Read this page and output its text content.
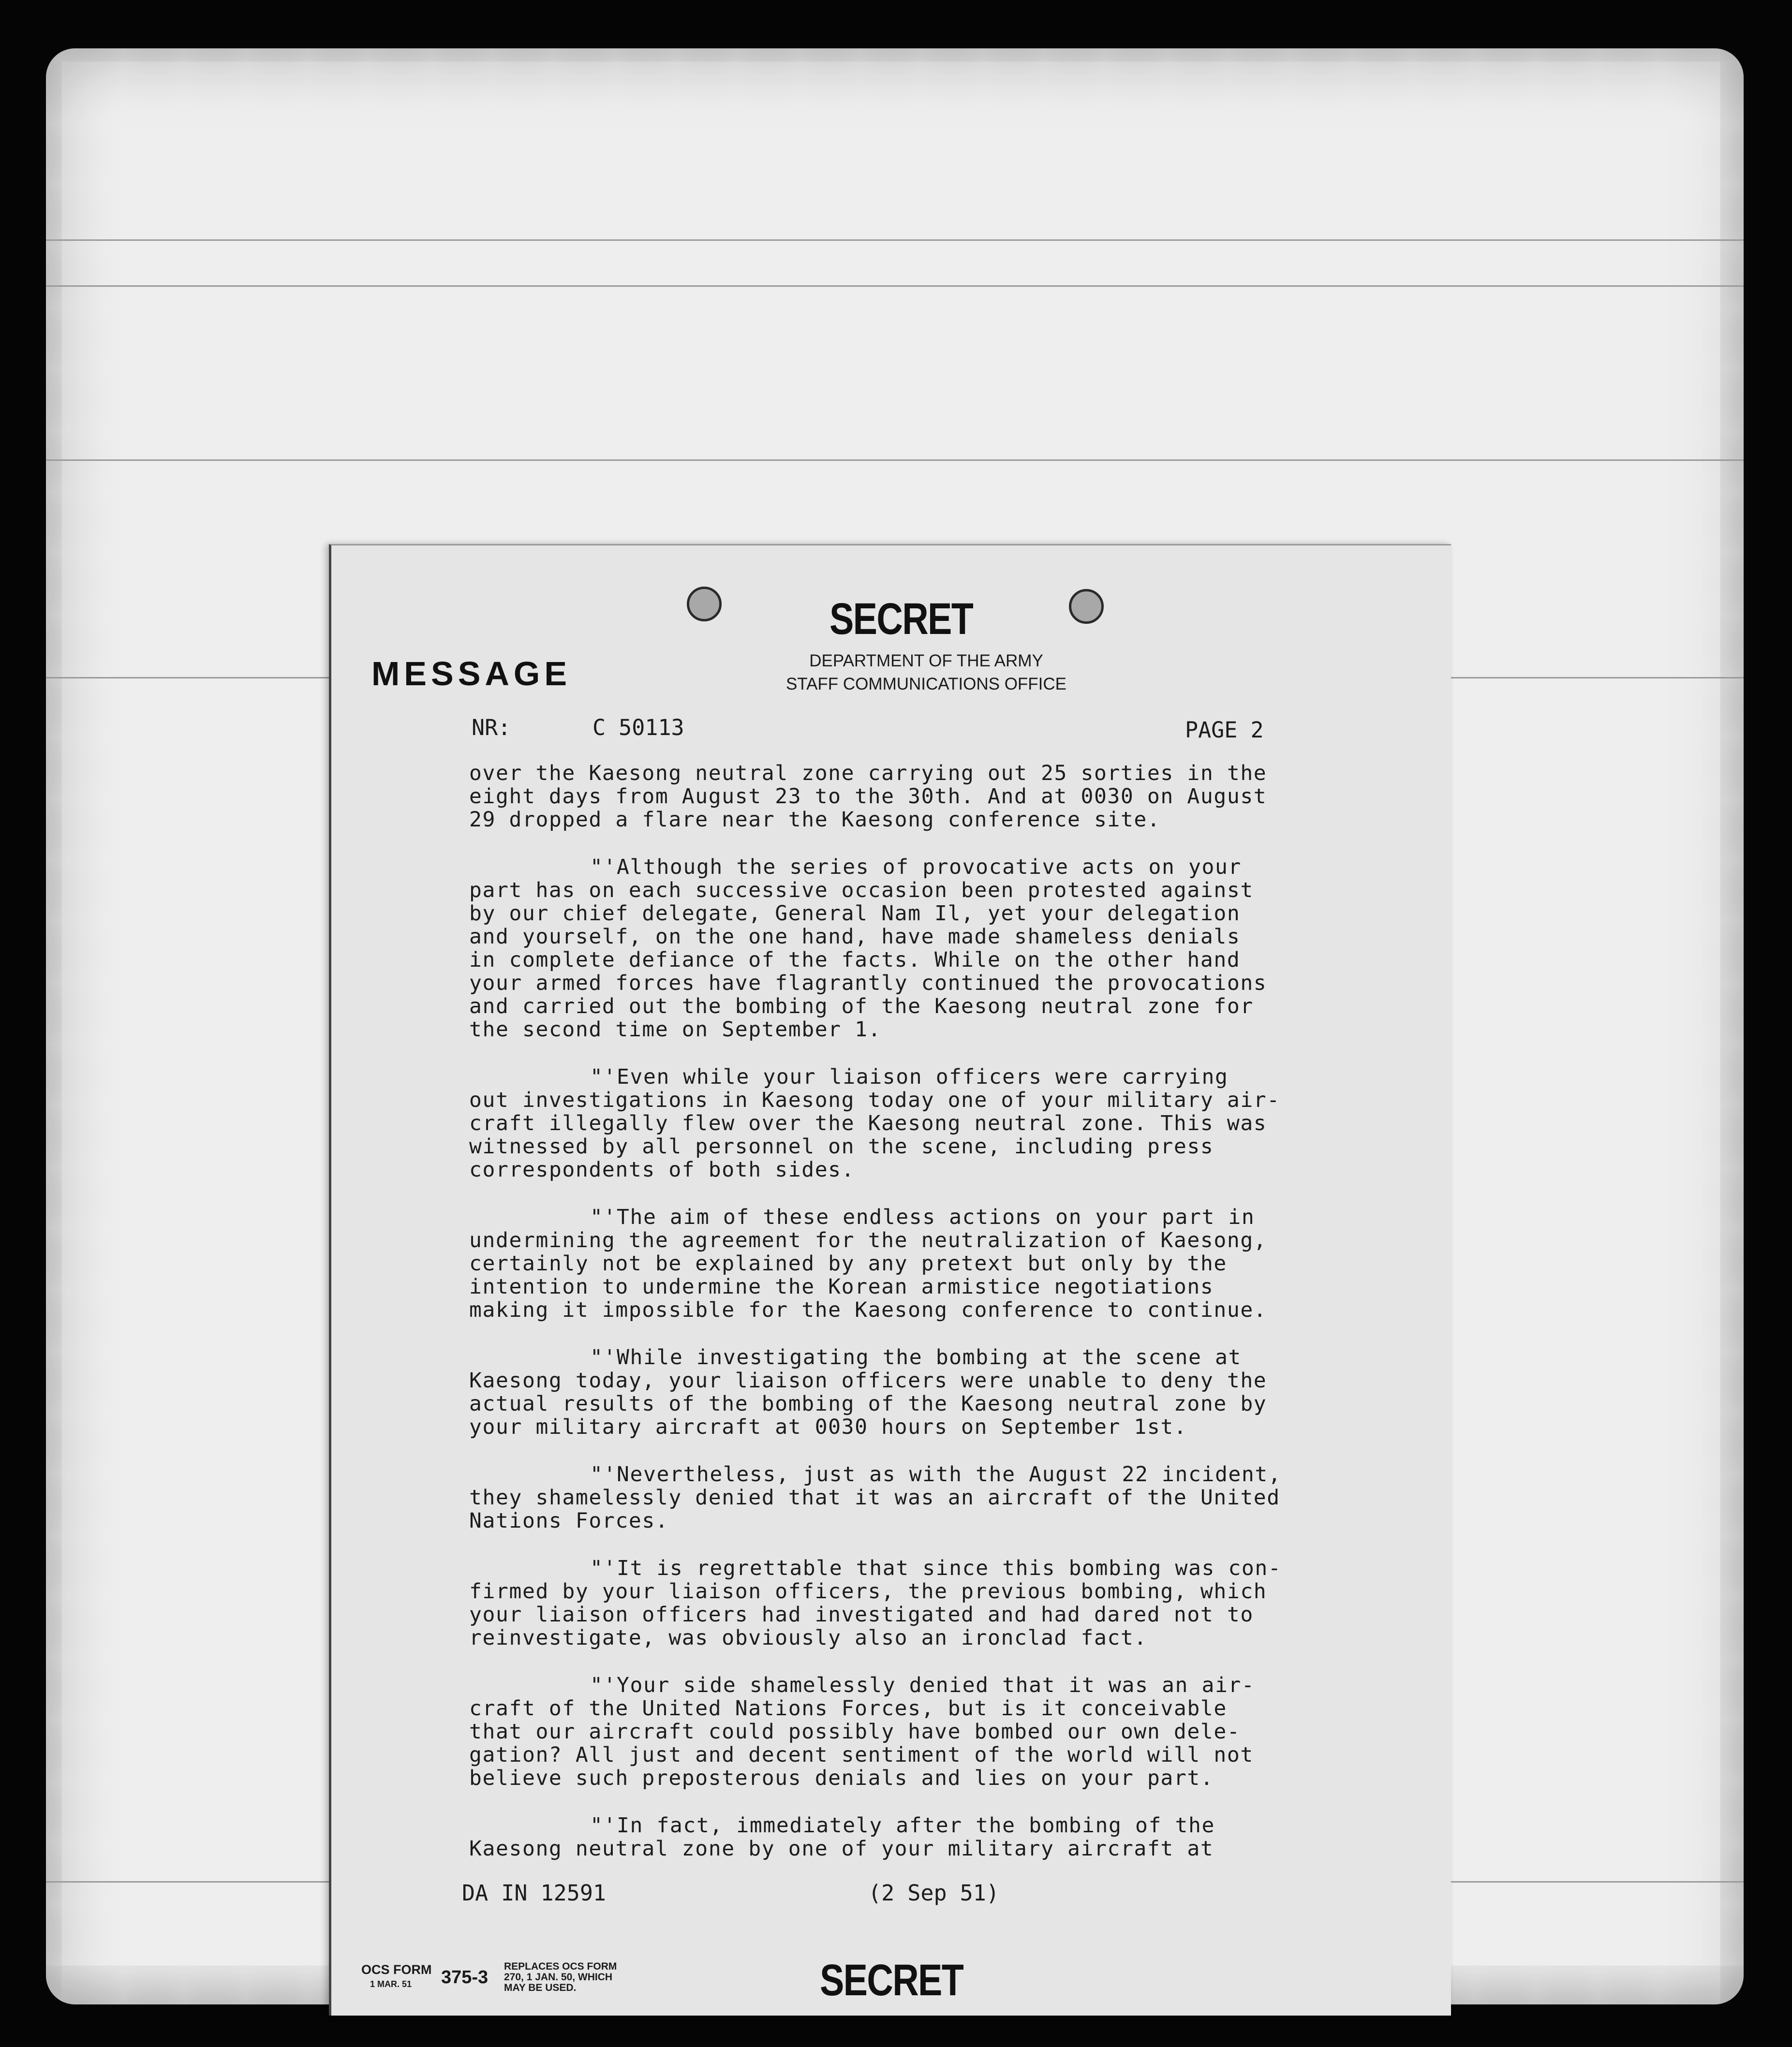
SECRET
DEPARTMENT OF THE ARMY
STAFF COMMUNICATIONS OFFICE
MESSAGE
NR:	C 50113	PAGE 2

over the Kaesong neutral zone carrying out 25 sorties in the
eight days from August 23 to the 30th. And at 0030 on August
29 dropped a flare near the Kaesong conference site.

"'Although the series of provocative acts on your
part has on each successive occasion been protested against
by our chief delegate, General Nam Il, yet your delegation
and yourself, on the one hand, have made shameless denials
in complete defiance of the facts. While on the other hand
your armed forces have flagrantly continued the provocations
and carried out the bombing of the Kaesong neutral zone for
the second time on September 1.

"'Even while your liaison officers were carrying
out investigations in Kaesong today one of your military air-
craft illegally flew over the Kaesong neutral zone. This was
witnessed by all personnel on the scene, including press
correspondents of both sides.

"'The aim of these endless actions on your part in
undermining the agreement for the neutralization of Kaesong,
certainly not be explained by any pretext but only by the
intention to undermine the Korean armistice negotiations
making it impossible for the Kaesong conference to continue.

"'While investigating the bombing at the scene at
Kaesong today, your liaison officers were unable to deny the
actual results of the bombing of the Kaesong neutral zone by
your military aircraft at 0030 hours on September 1st.

"'Nevertheless, just as with the August 22 incident,
they shamelessly denied that it was an aircraft of the United
Nations Forces.

"'It is regrettable that since this bombing was con-
firmed by your liaison officers, the previous bombing, which
your liaison officers had investigated and had dared not to
reinvestigate, was obviously also an ironclad fact.

"'Your side shamelessly denied that it was an air-
craft of the United Nations Forces, but is it conceivable
that our aircraft could possibly have bombed our own dele-
gation? All just and decent sentiment of the world will not
believe such preposterous denials and lies on your part.

"'In fact, immediately after the bombing of the
Kaesong neutral zone by one of your military aircraft at

DA IN 12591	(2 Sep 51)
OCS FORM
1 MAR. 51 375-3
REPLACES OCS FORM
270, 1 JAN. 50, WHICH
MAY BE USED.	SECRET
